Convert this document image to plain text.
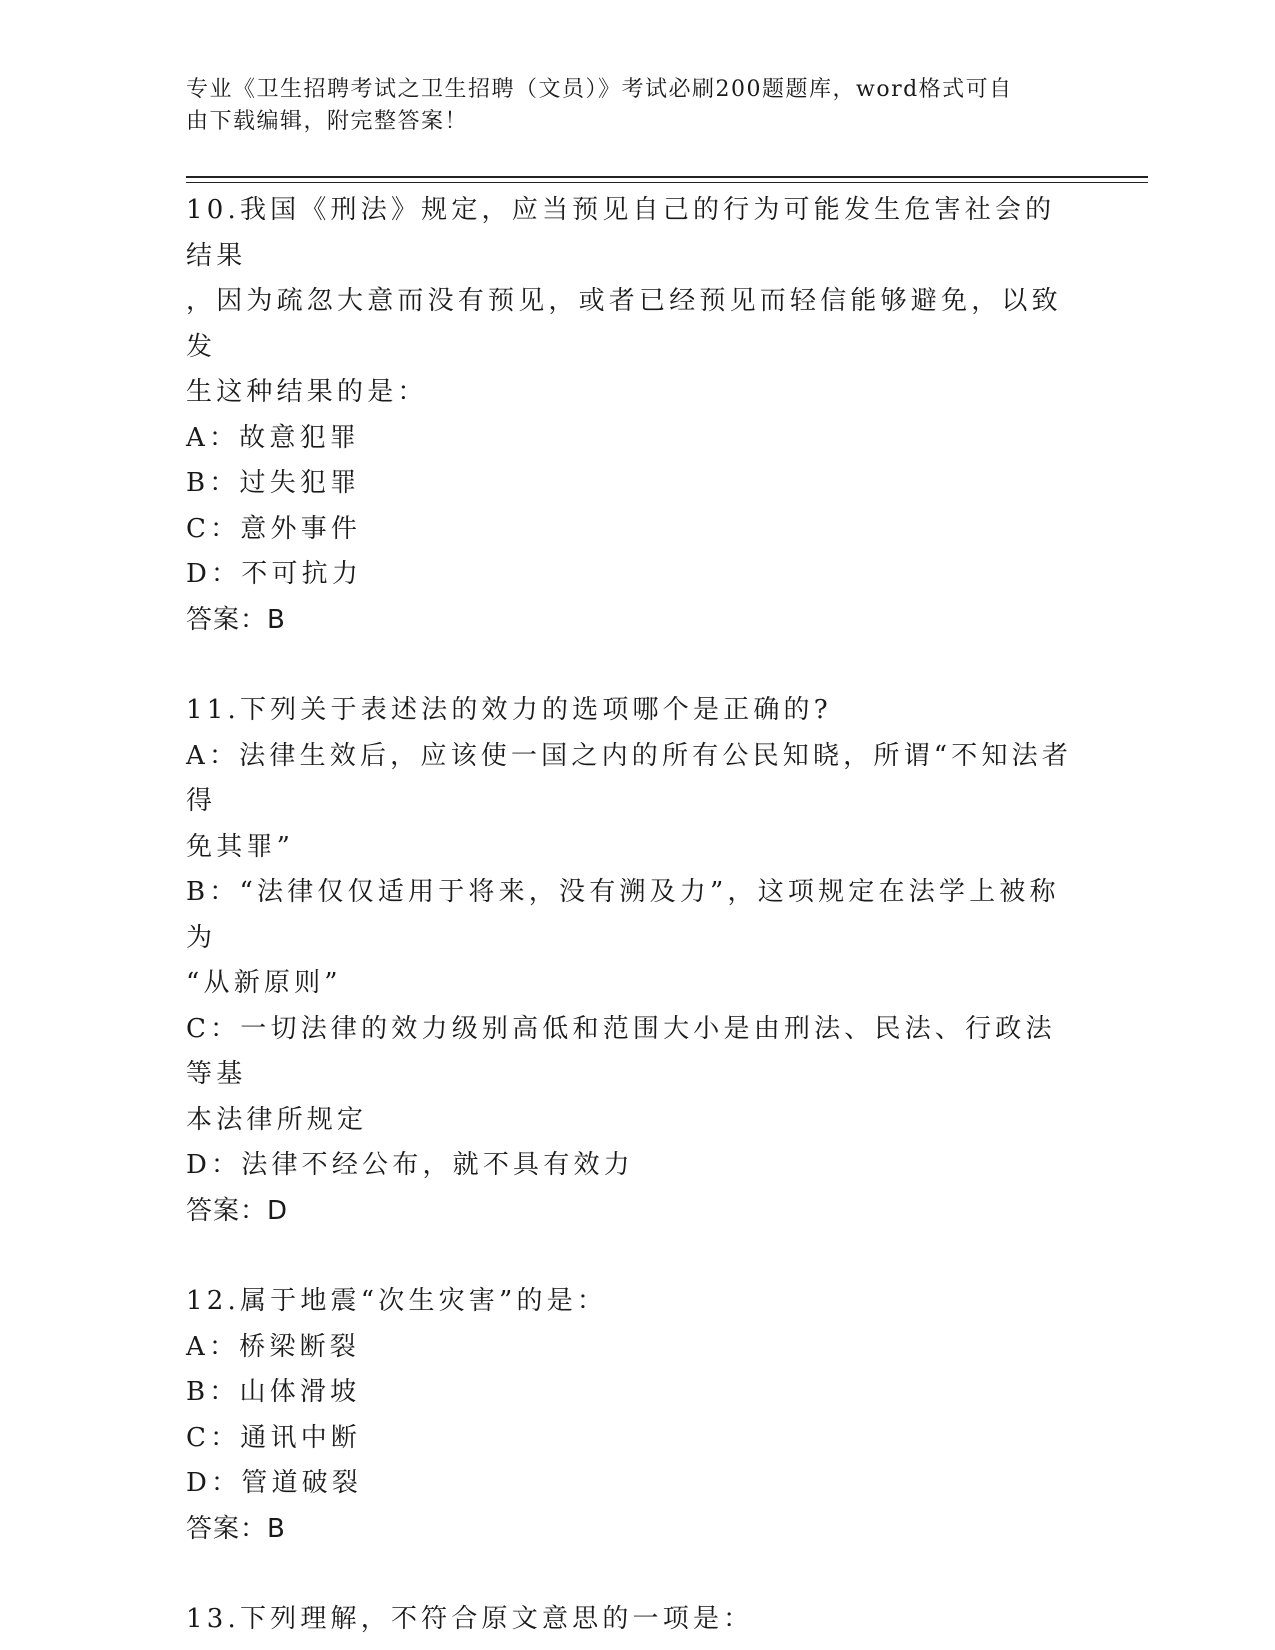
专业《卫生招聘考试之卫生招聘（文员）》考试必刷200题题库，word格式可自
由下载编辑，附完整答案！
10.我国《刑法》规定，应当预见自己的行为可能发生危害社会的结果
，因为疏忽大意而没有预见，或者已经预见而轻信能够避免，以致发
生这种结果的是：
A：故意犯罪
B：过失犯罪
C：意外事件
D：不可抗力
答案：B
11.下列关于表述法的效力的选项哪个是正确的?
A：法律生效后，应该使一国之内的所有公民知晓，所谓“不知法者得
免其罪”
B：“法律仅仅适用于将来，没有溯及力”，这项规定在法学上被称为
“从新原则”
C：一切法律的效力级别高低和范围大小是由刑法、民法、行政法等基
本法律所规定
D：法律不经公布，就不具有效力
答案：D
12.属于地震“次生灾害”的是：
A：桥梁断裂
B：山体滑坡
C：通讯中断
D：管道破裂
答案：B
13.下列理解，不符合原文意思的一项是：
